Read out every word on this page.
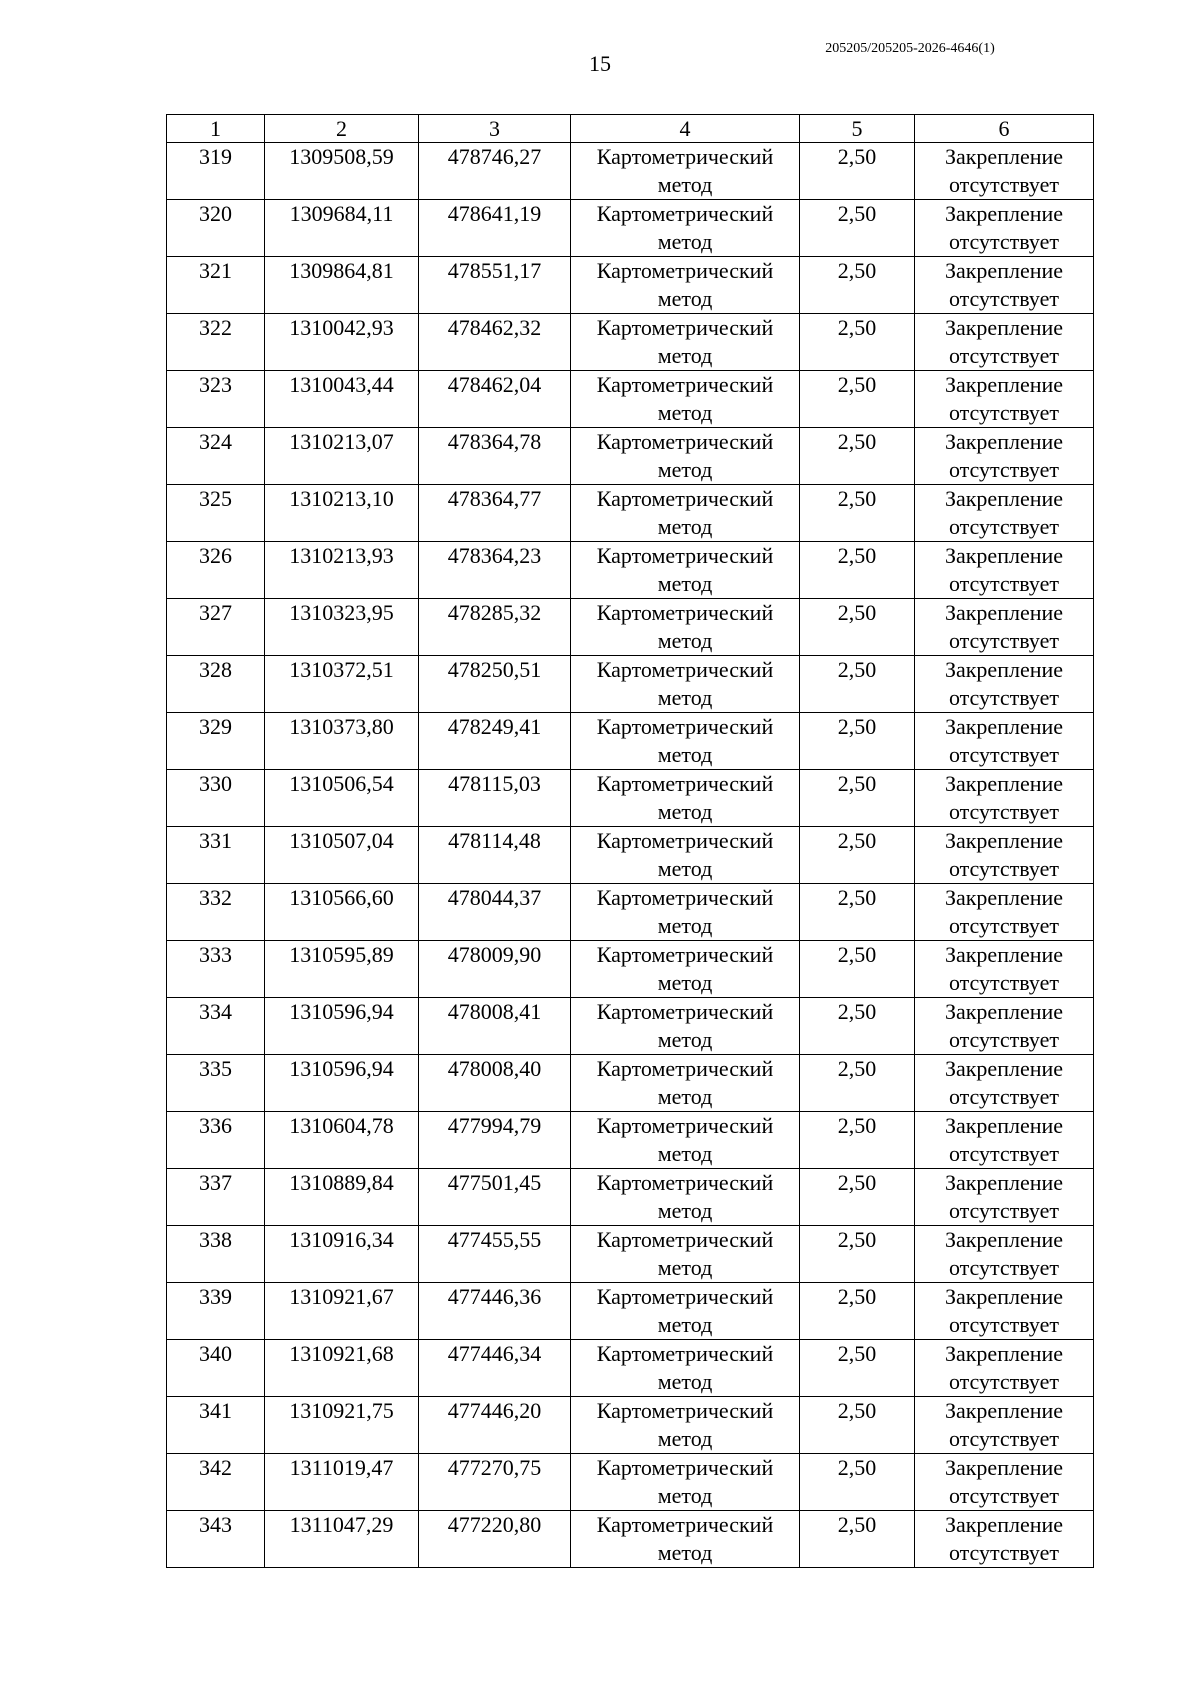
15
205205/205205-2026-4646(1)
1	2	3	4	5	6
319	1309508,59	478746,27	Картометрический метод	2,50	Закрепление отсутствует
320	1309684,11	478641,19	Картометрический метод	2,50	Закрепление отсутствует
321	1309864,81	478551,17	Картометрический метод	2,50	Закрепление отсутствует
322	1310042,93	478462,32	Картометрический метод	2,50	Закрепление отсутствует
323	1310043,44	478462,04	Картометрический метод	2,50	Закрепление отсутствует
324	1310213,07	478364,78	Картометрический метод	2,50	Закрепление отсутствует
325	1310213,10	478364,77	Картометрический метод	2,50	Закрепление отсутствует
326	1310213,93	478364,23	Картометрический метод	2,50	Закрепление отсутствует
327	1310323,95	478285,32	Картометрический метод	2,50	Закрепление отсутствует
328	1310372,51	478250,51	Картометрический метод	2,50	Закрепление отсутствует
329	1310373,80	478249,41	Картометрический метод	2,50	Закрепление отсутствует
330	1310506,54	478115,03	Картометрический метод	2,50	Закрепление отсутствует
331	1310507,04	478114,48	Картометрический метод	2,50	Закрепление отсутствует
332	1310566,60	478044,37	Картометрический метод	2,50	Закрепление отсутствует
333	1310595,89	478009,90	Картометрический метод	2,50	Закрепление отсутствует
334	1310596,94	478008,41	Картометрический метод	2,50	Закрепление отсутствует
335	1310596,94	478008,40	Картометрический метод	2,50	Закрепление отсутствует
336	1310604,78	477994,79	Картометрический метод	2,50	Закрепление отсутствует
337	1310889,84	477501,45	Картометрический метод	2,50	Закрепление отсутствует
338	1310916,34	477455,55	Картометрический метод	2,50	Закрепление отсутствует
339	1310921,67	477446,36	Картометрический метод	2,50	Закрепление отсутствует
340	1310921,68	477446,34	Картометрический метод	2,50	Закрепление отсутствует
341	1310921,75	477446,20	Картометрический метод	2,50	Закрепление отсутствует
342	1311019,47	477270,75	Картометрический метод	2,50	Закрепление отсутствует
343	1311047,29	477220,80	Картометрический метод	2,50	Закрепление отсутствует
